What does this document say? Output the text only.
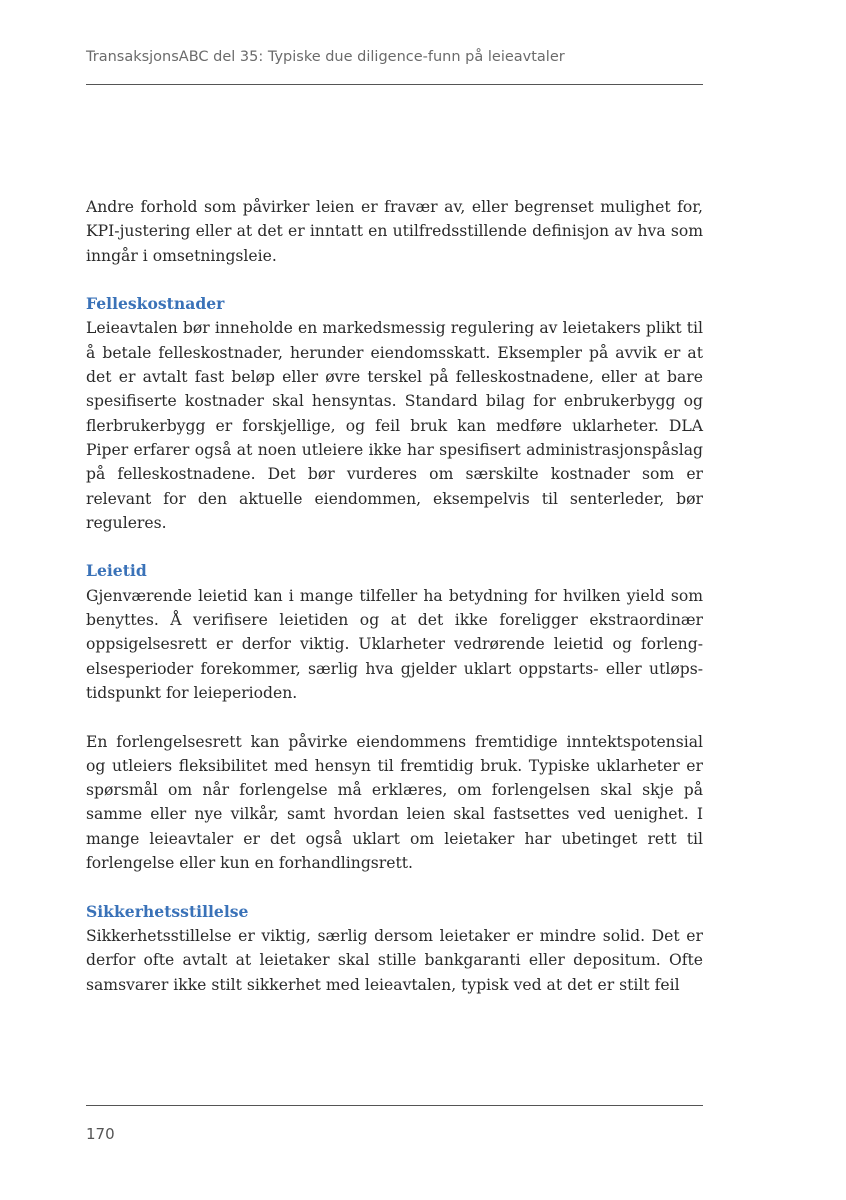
TransaksjonsABC del 35: Typiske due diligence-funn på leieavtaler

Andre forhold som påvirker leien er fravær av, eller begrenset mulighet for, KPI-justering eller at det er inntatt en utilfredsstillende definisjon av hva som inngår i omsetningsleie.

Felleskostnader
Leieavtalen bør inneholde en markedsmessig regulering av leietakers plikt til å betale felleskostnader, herunder eiendomsskatt. Eksempler på avvik er at det er avtalt fast beløp eller øvre terskel på felleskostnadene, eller at bare spesifiserte kostnader skal hensyntas. Standard bilag for enbrukerbygg og flerbrukerbygg er forskjellige, og feil bruk kan medføre uklarheter. DLA Piper erfarer også at noen utleiere ikke har spesifisert administrasjonspåslag på felleskostnadene. Det bør vurderes om særskilte kostnader som er relevant for den aktuelle eiendommen, eksempelvis til senterleder, bør reguleres.

Leietid
Gjenværende leietid kan i mange tilfeller ha betydning for hvilken yield som benyttes. Å verifisere leietiden og at det ikke foreligger ekstraordinær oppsigelsesrett er derfor viktig. Uklarheter vedrørende leietid og forlengelsesperioder forekommer, særlig hva gjelder uklart oppstarts- eller utløpstidspunkt for leieperioden.

En forlengelsesrett kan påvirke eiendommens fremtidige inntektspotensial og utleiers fleksibilitet med hensyn til fremtidig bruk. Typiske uklarheter er spørsmål om når forlengelse må erklæres, om forlengelsen skal skje på samme eller nye vilkår, samt hvordan leien skal fastsettes ved uenighet. I mange leieavtaler er det også uklart om leietaker har ubetinget rett til forlengelse eller kun en forhandlingsrett.

Sikkerhetsstillelse
Sikkerhetsstillelse er viktig, særlig dersom leietaker er mindre solid. Det er derfor ofte avtalt at leietaker skal stille bankgaranti eller depositum. Ofte samsvarer ikke stilt sikkerhet med leieavtalen, typisk ved at det er stilt feil

170
